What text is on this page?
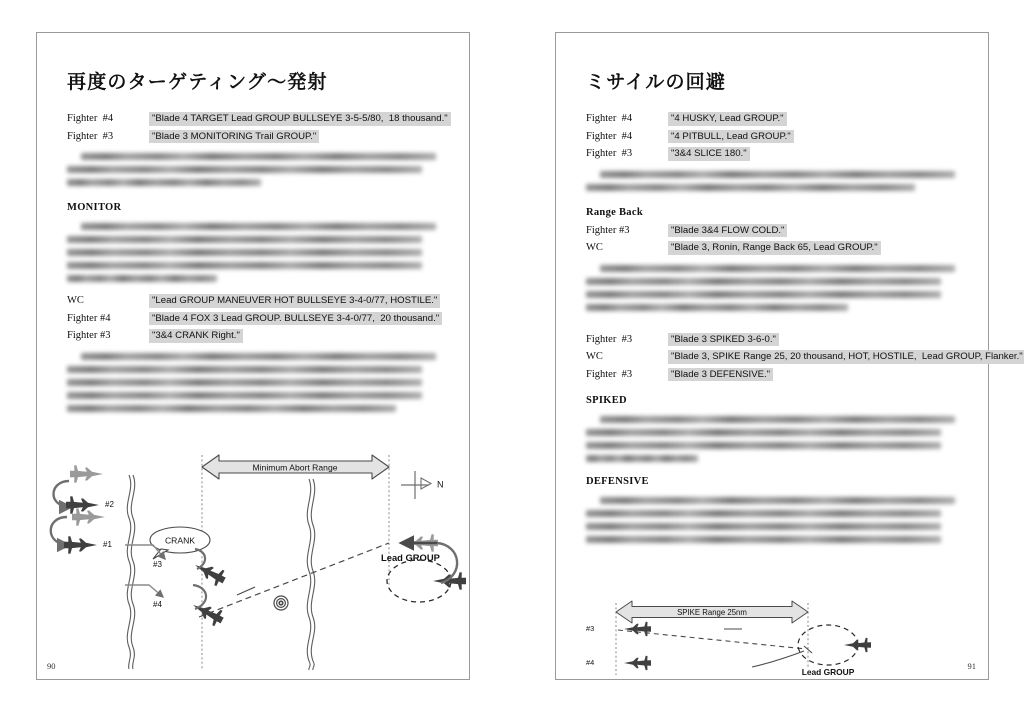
再度のターゲティング〜発射
Fighter  #4	"Blade 4 TARGET Lead GROUP BULLSEYE 3-5-5/80,  18 thousand."
Fighter  #3	"Blade 3 MONITORING Trail GROUP."
MONITOR
WC	"Lead GROUP MANEUVER HOT BULLSEYE 3-4-0/77, HOSTILE."
Fighter #4	"Blade 4 FOX 3 Lead GROUP. BULLSEYE 3-4-0/77,  20 thousand."
Fighter #3	"3&4 CRANK Right."
Minimum Abort Range
N
#2
#1	CRANK
#3
#4
Lead GROUP
90
ミサイルの回避
Fighter  #4	"4 HUSKY, Lead GROUP."
Fighter  #4	"4 PITBULL, Lead GROUP."
Fighter  #3	"3&4 SLICE 180."
Range Back
Fighter #3	"Blade 3&4 FLOW COLD."
WC	"Blade 3, Ronin, Range Back 65, Lead GROUP."
Fighter  #3	"Blade 3 SPIKED 3-6-0."
WC	"Blade 3, SPIKE Range 25, 20 thousand, HOT, HOSTILE,  Lead GROUP, Flanker."
Fighter  #3	"Blade 3 DEFENSIVE."
SPIKED
DEFENSIVE
SPIKE Range 25nm
#3
#4
Lead GROUP
91
